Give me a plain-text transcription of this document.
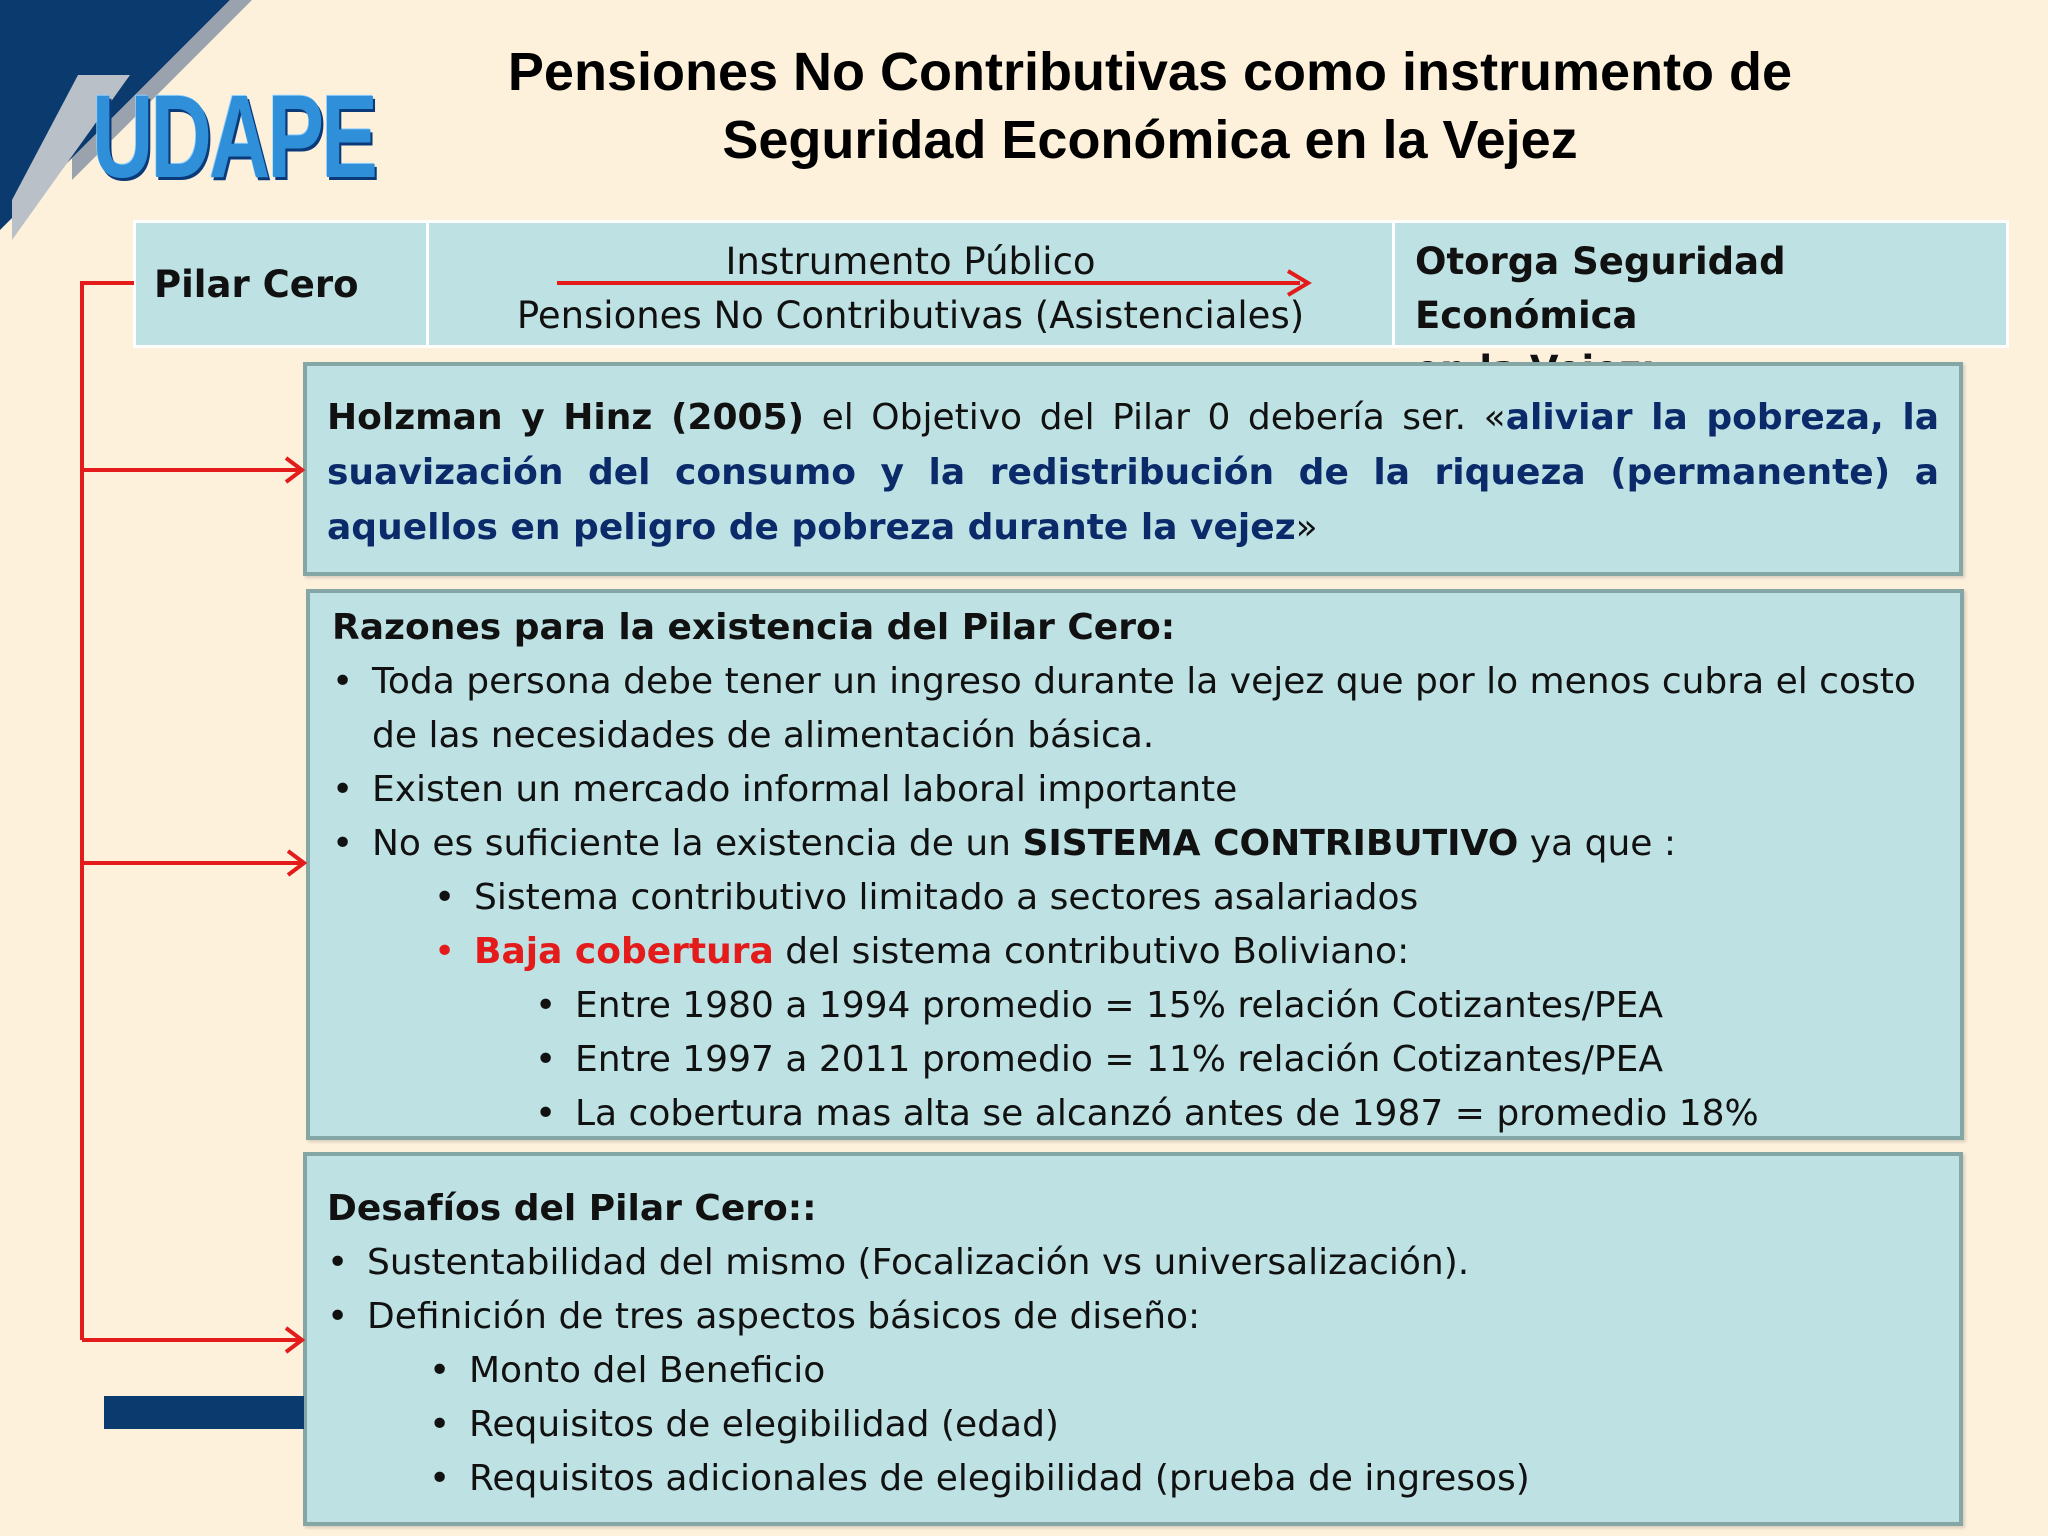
UDAPE	Pensiones No Contributivas como instrumento de
Seguridad Económica en la Vejez
Pilar Cero
Instrumento Público
Pensiones No Contributivas (Asistenciales)
Otorga Seguridad Económica
Holzman y Hinz (2005) el Objetivo del Pilar 0 debería ser. «aliviar la pobreza, la suavización del consumo y la redistribución de la riqueza (permanente) a aquellos en peligro de pobreza durante la vejez»
Razones para la existencia del Pilar Cero:
• Toda persona debe tener un ingreso durante la vejez que por lo menos cubra el costo de las necesidades de alimentación básica.
• Existen un mercado informal laboral importante
• No es suficiente la existencia de un SISTEMA CONTRIBUTIVO ya que :
• Sistema contributivo limitado a sectores asalariados
• Baja cobertura del sistema contributivo Boliviano:
• Entre 1980 a 1994 promedio = 15% relación Cotizantes/PEA
• Entre 1997 a 2011 promedio = 11% relación Cotizantes/PEA
• La cobertura mas alta se alcanzó antes de 1987 = promedio 18%
Desafíos del Pilar Cero::
• Sustentabilidad del mismo (Focalización vs universalización).
• Definición de tres aspectos básicos de diseño:
• Monto del Beneficio
• Requisitos de elegibilidad (edad)
• Requisitos adicionales de elegibilidad (prueba de ingresos)
